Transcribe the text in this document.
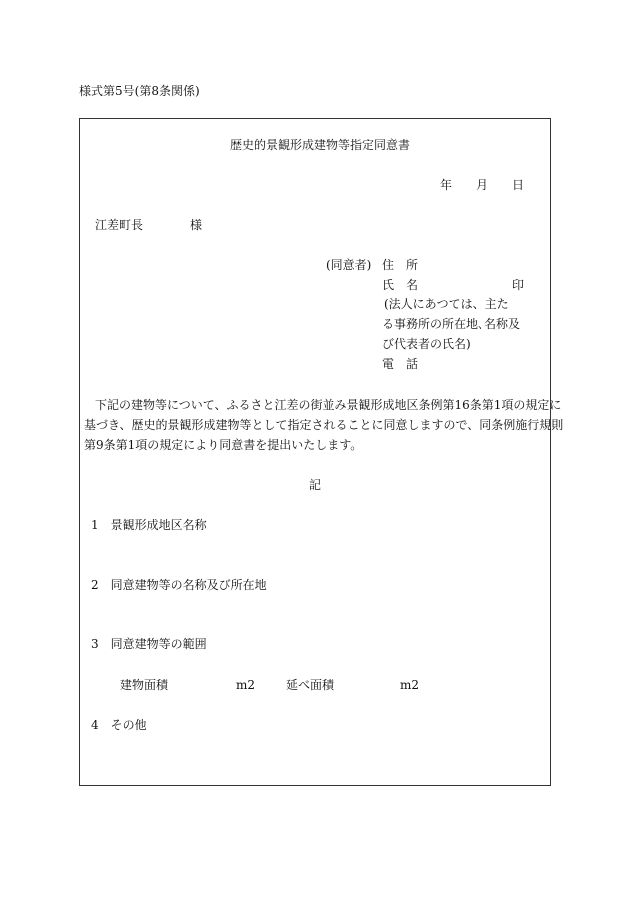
様式第5号(第8条関係)
歴史的景観形成建物等指定同意書
年 月 日
江差町長	様
(同意者) 住　所
氏　名	印
(法人にあつては、主た
る事務所の所在地､名称及
び代表者の氏名)
電　話
下記の建物等について、ふるさと江差の街並み景観形成地区条例第16条第1項の規定に
基づき、歴史的景観形成建物等として指定されることに同意しますので、同条例施行規則
第9条第1項の規定により同意書を提出いたします。
記
1　 景観形成地区名称
2　 同意建物等の名称及び所在地
3　 同意建物等の範囲
建物面積	m2	延べ面積	m2
4　 その他
